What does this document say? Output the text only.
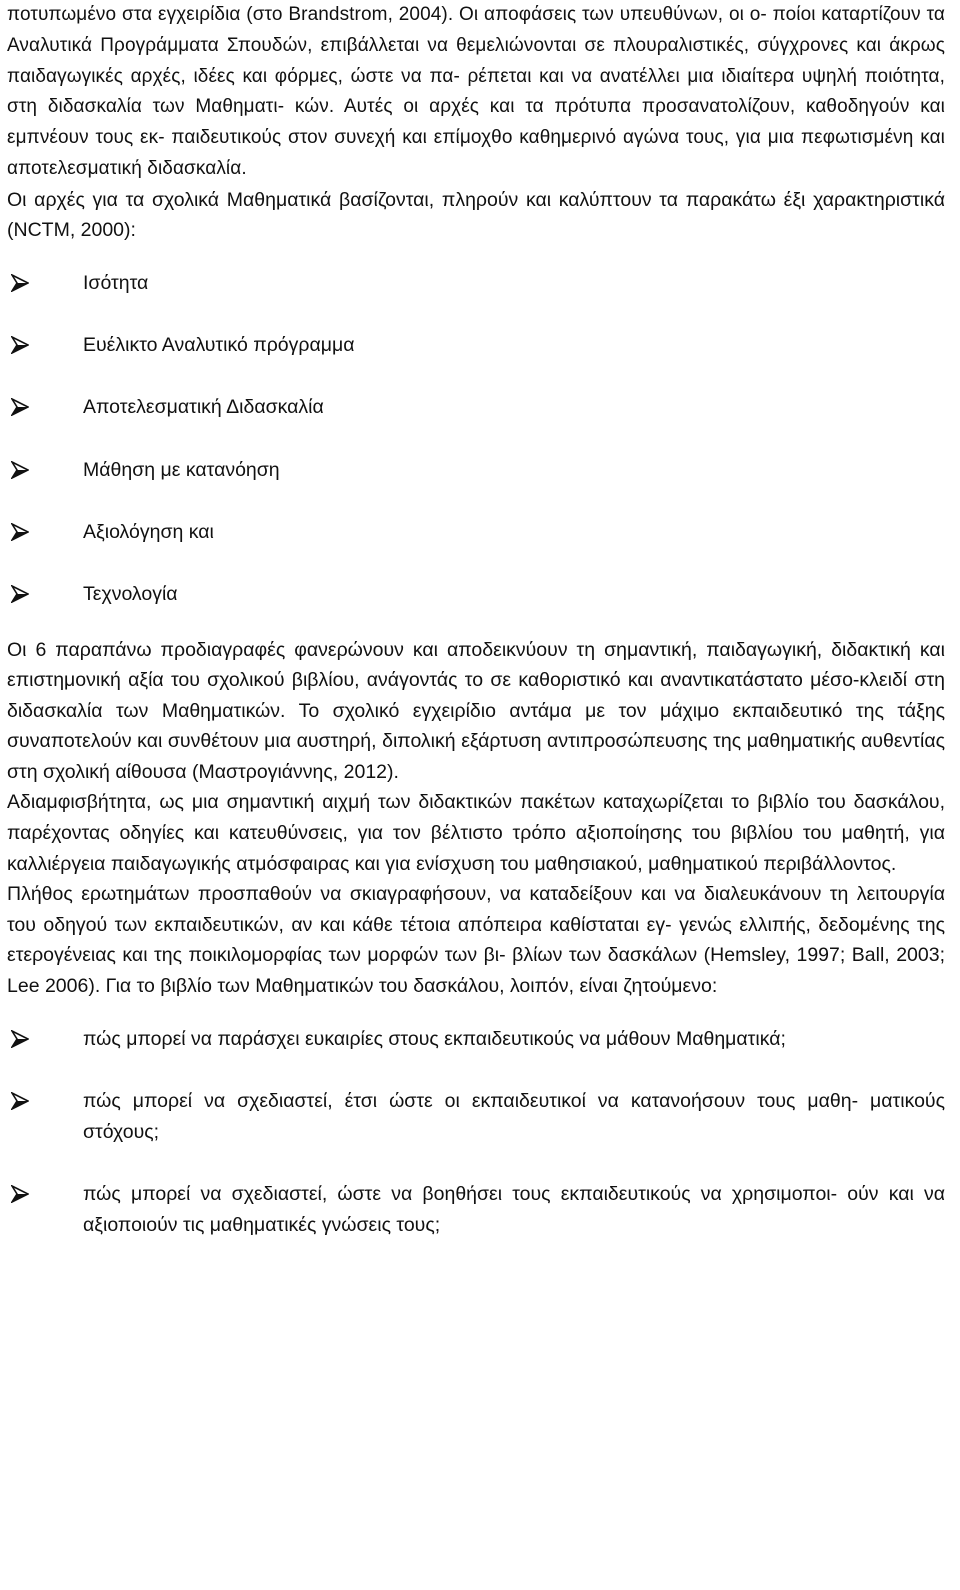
ποτυπωμένο στα εγχειρίδια (στο Brandstrom, 2004). Οι αποφάσεις των υπευθύνων, οι ο- ποίοι καταρτίζουν τα Αναλυτικά Προγράμματα Σπουδών, επιβάλλεται να θεμελιώνονται σε πλουραλιστικές, σύγχρονες και άκρως παιδαγωγικές αρχές, ιδέες και φόρμες, ώστε να πα- ρέπεται και να ανατέλλει μια ιδιαίτερα υψηλή ποιότητα, στη διδασκαλία των Μαθηματι- κών. Αυτές οι αρχές και τα πρότυπα προσανατολίζουν, καθοδηγούν και εμπνέουν τους εκ- παιδευτικούς στον συνεχή και επίμοχθο καθημερινό αγώνα τους, για μια πεφωτισμένη και αποτελεσματική διδασκαλία.

Οι αρχές για τα σχολικά Μαθηματικά βασίζονται, πληρούν και καλύπτουν τα παρακάτω έξι χαρακτηριστικά (NCTM, 2000):

Ισότητα
Ευέλικτο Αναλυτικό πρόγραμμα
Αποτελεσματική Διδασκαλία
Μάθηση με κατανόηση
Αξιολόγηση και
Τεχνολογία

Οι 6 παραπάνω προδιαγραφές φανερώνουν και αποδεικνύουν τη σημαντική, παιδαγωγική, διδακτική και επιστημονική αξία του σχολικού βιβλίου, ανάγοντάς το σε καθοριστικό και αναντικατάστατο μέσο-κλειδί στη διδασκαλία των Μαθηματικών. Το σχολικό εγχειρίδιο αντάμα με τον μάχιμο εκπαιδευτικό της τάξης συναποτελούν και συνθέτουν μια αυστηρή, διπολική εξάρτυση αντιπροσώπευσης της μαθηματικής αυθεντίας στη σχολική αίθουσα (Μαστρογιάννης, 2012).

Αδιαμφισβήτητα, ως μια σημαντική αιχμή των διδακτικών πακέτων καταχωρίζεται το βιβλίο του δασκάλου, παρέχοντας οδηγίες και κατευθύνσεις, για τον βέλτιστο τρόπο αξιοποίησης του βιβλίου του μαθητή, για καλλιέργεια παιδαγωγικής ατμόσφαιρας και για ενίσχυση του μαθησιακού, μαθηματικού περιβάλλοντος.

Πλήθος ερωτημάτων προσπαθούν να σκιαγραφήσουν, να καταδείξουν και να διαλευκάνουν τη λειτουργία του οδηγού των εκπαιδευτικών, αν και κάθε τέτοια απόπειρα καθίσταται εγ- γενώς ελλιπής, δεδομένης της ετερογένειας και της ποικιλομορφίας των μορφών των βι- βλίων των δασκάλων (Hemsley, 1997; Ball, 2003; Lee 2006). Για το βιβλίο των Μαθηματικών του δασκάλου, λοιπόν, είναι ζητούμενο:

πώς μπορεί να παράσχει ευκαιρίες στους εκπαιδευτικούς να μάθουν Μαθηματικά;
πώς μπορεί να σχεδιαστεί, έτσι ώστε οι εκπαιδευτικοί να κατανοήσουν τους μαθη- ματικούς στόχους;
πώς μπορεί να σχεδιαστεί, ώστε να βοηθήσει τους εκπαιδευτικούς να χρησιμοποι- ούν και να αξιοποιούν τις μαθηματικές γνώσεις τους;
